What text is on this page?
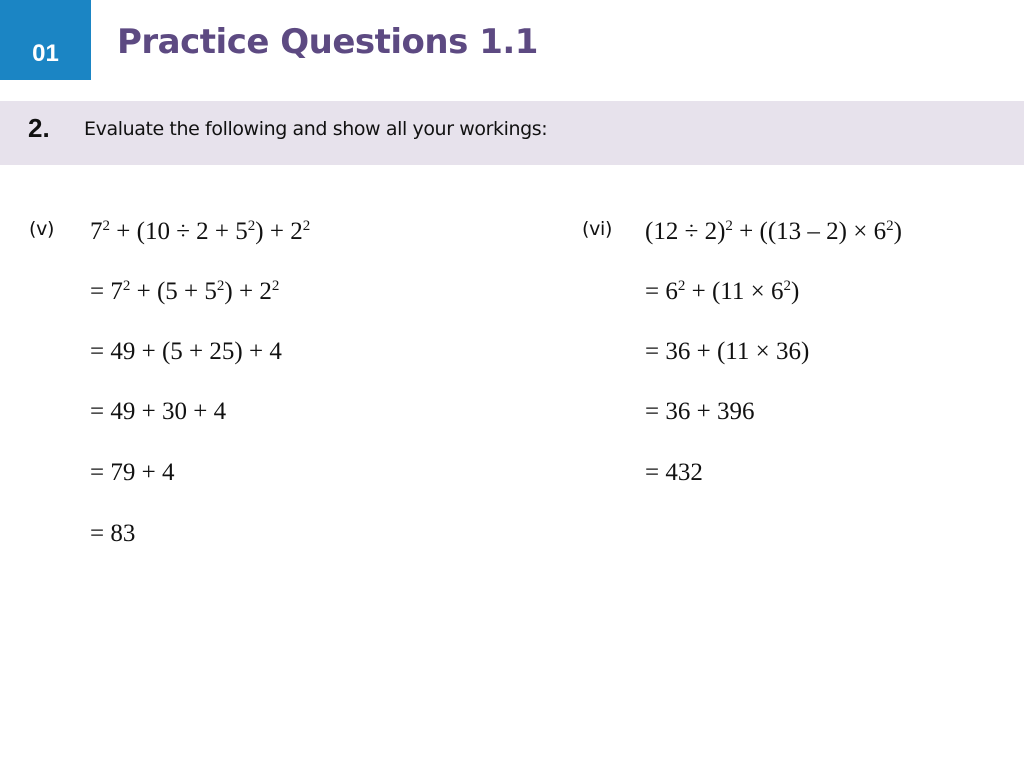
01 Practice Questions 1.1
2. Evaluate the following and show all your workings:
(v) $7^2 + (10 \div 2 + 5^2) + 2^2$
= $7^2 + (5 + 5^2) + 2^2$
= 49 + (5 + 25) + 4
= 49 + 30 + 4
= 79 + 4
= 83
(vi) $(12 \div 2)^2 + ((13 - 2) \times 6^2)$
= $6^2 + (11 \times 6^2)$
= 36 + (11 × 36)
= 36 + 396
= 432
